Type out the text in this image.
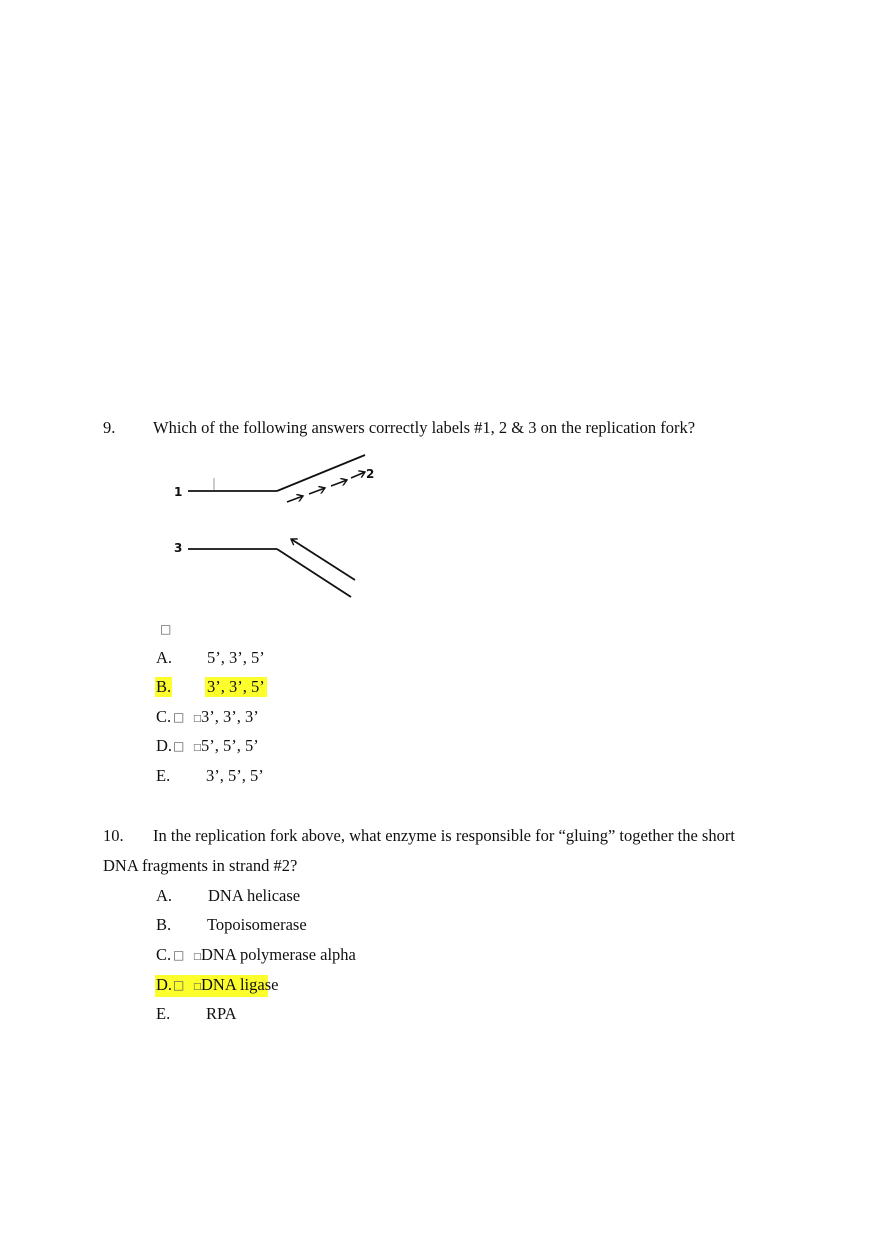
9. Which of the following answers correctly labels #1, 2 & 3 on the replication fork?
1
2
3
□
A. 5’, 3’, 5’
B. 3’, 3’, 5’
C. □ □ 3’, 3’, 3’
D. □ □ 5’, 5’, 5’
E. 3’, 5’, 5’
10. In the replication fork above, what enzyme is responsible for “gluing” together the short
DNA fragments in strand #2?
A. DNA helicase
B. Topoisomerase
C. □ □ DNA polymerase alpha
D. □ □ DNA ligase
E. RPA
